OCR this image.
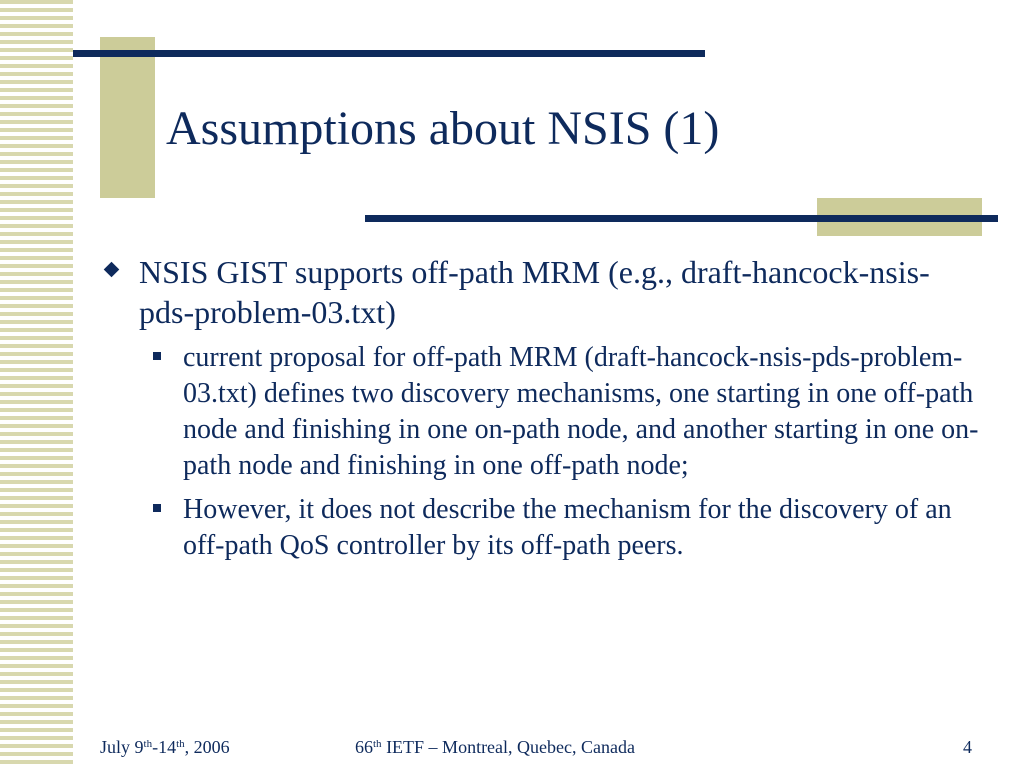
Assumptions about NSIS (1)
NSIS GIST supports off-path MRM (e.g., draft-hancock-nsis-pds-problem-03.txt)
current proposal for off-path MRM (draft-hancock-nsis-pds-problem-03.txt) defines two discovery mechanisms, one starting in one off-path node and finishing in one on-path node, and another starting in one on-path node and finishing in one off-path node;
However, it does not describe the mechanism for the discovery of an off-path QoS controller by its off-path peers.
July 9th-14th, 2006	66th IETF – Montreal, Quebec, Canada	4
